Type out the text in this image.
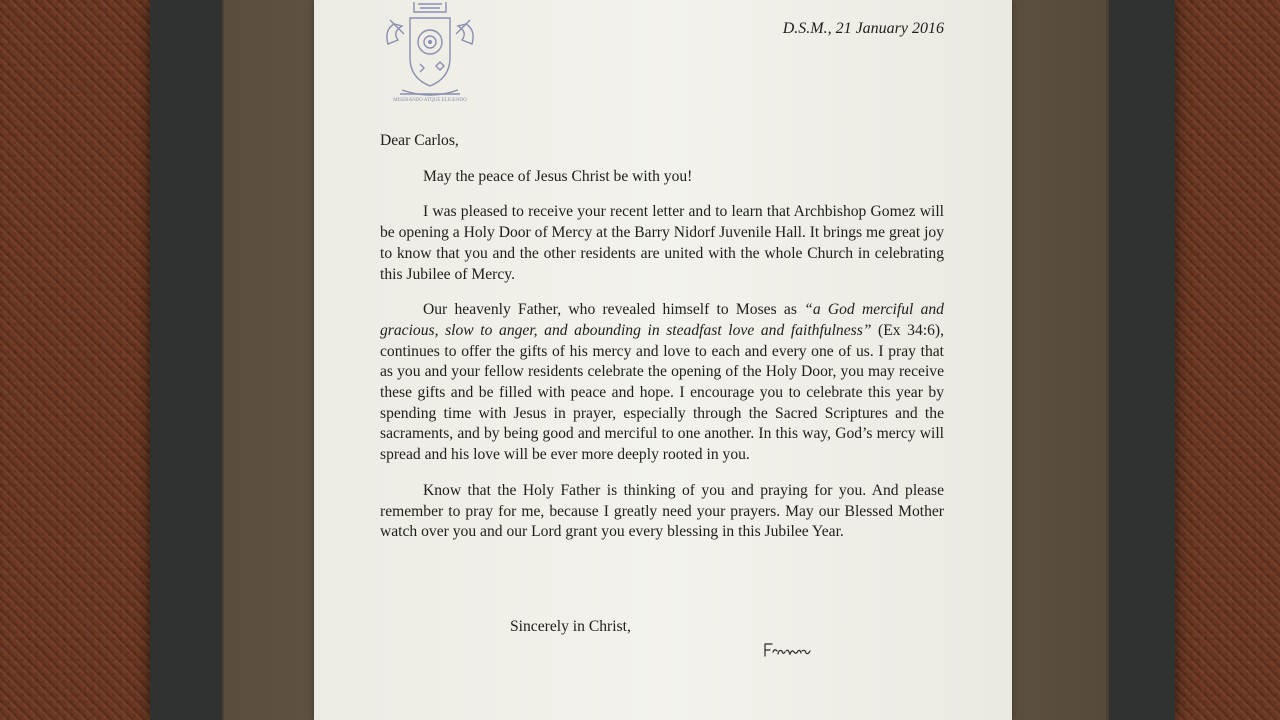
MISERANDO ATQUE ELIGENDO
D.S.M., 21 January 2016

Dear Carlos,

May the peace of Jesus Christ be with you!

I was pleased to receive your recent letter and to learn that Archbishop Gomez will be opening a Holy Door of Mercy at the Barry Nidorf Juvenile Hall. It brings me great joy to know that you and the other residents are united with the whole Church in celebrating this Jubilee of Mercy.

Our heavenly Father, who revealed himself to Moses as “a God merciful and gracious, slow to anger, and abounding in steadfast love and faithfulness” (Ex 34:6), continues to offer the gifts of his mercy and love to each and every one of us. I pray that as you and your fellow residents celebrate the opening of the Holy Door, you may receive these gifts and be filled with peace and hope. I encourage you to celebrate this year by spending time with Jesus in prayer, especially through the Sacred Scriptures and the sacraments, and by being good and merciful to one another. In this way, God’s mercy will spread and his love will be ever more deeply rooted in you.

Know that the Holy Father is thinking of you and praying for you. And please remember to pray for me, because I greatly need your prayers. May our Blessed Mother watch over you and our Lord grant you every blessing in this Jubilee Year.

Sincerely in Christ,
